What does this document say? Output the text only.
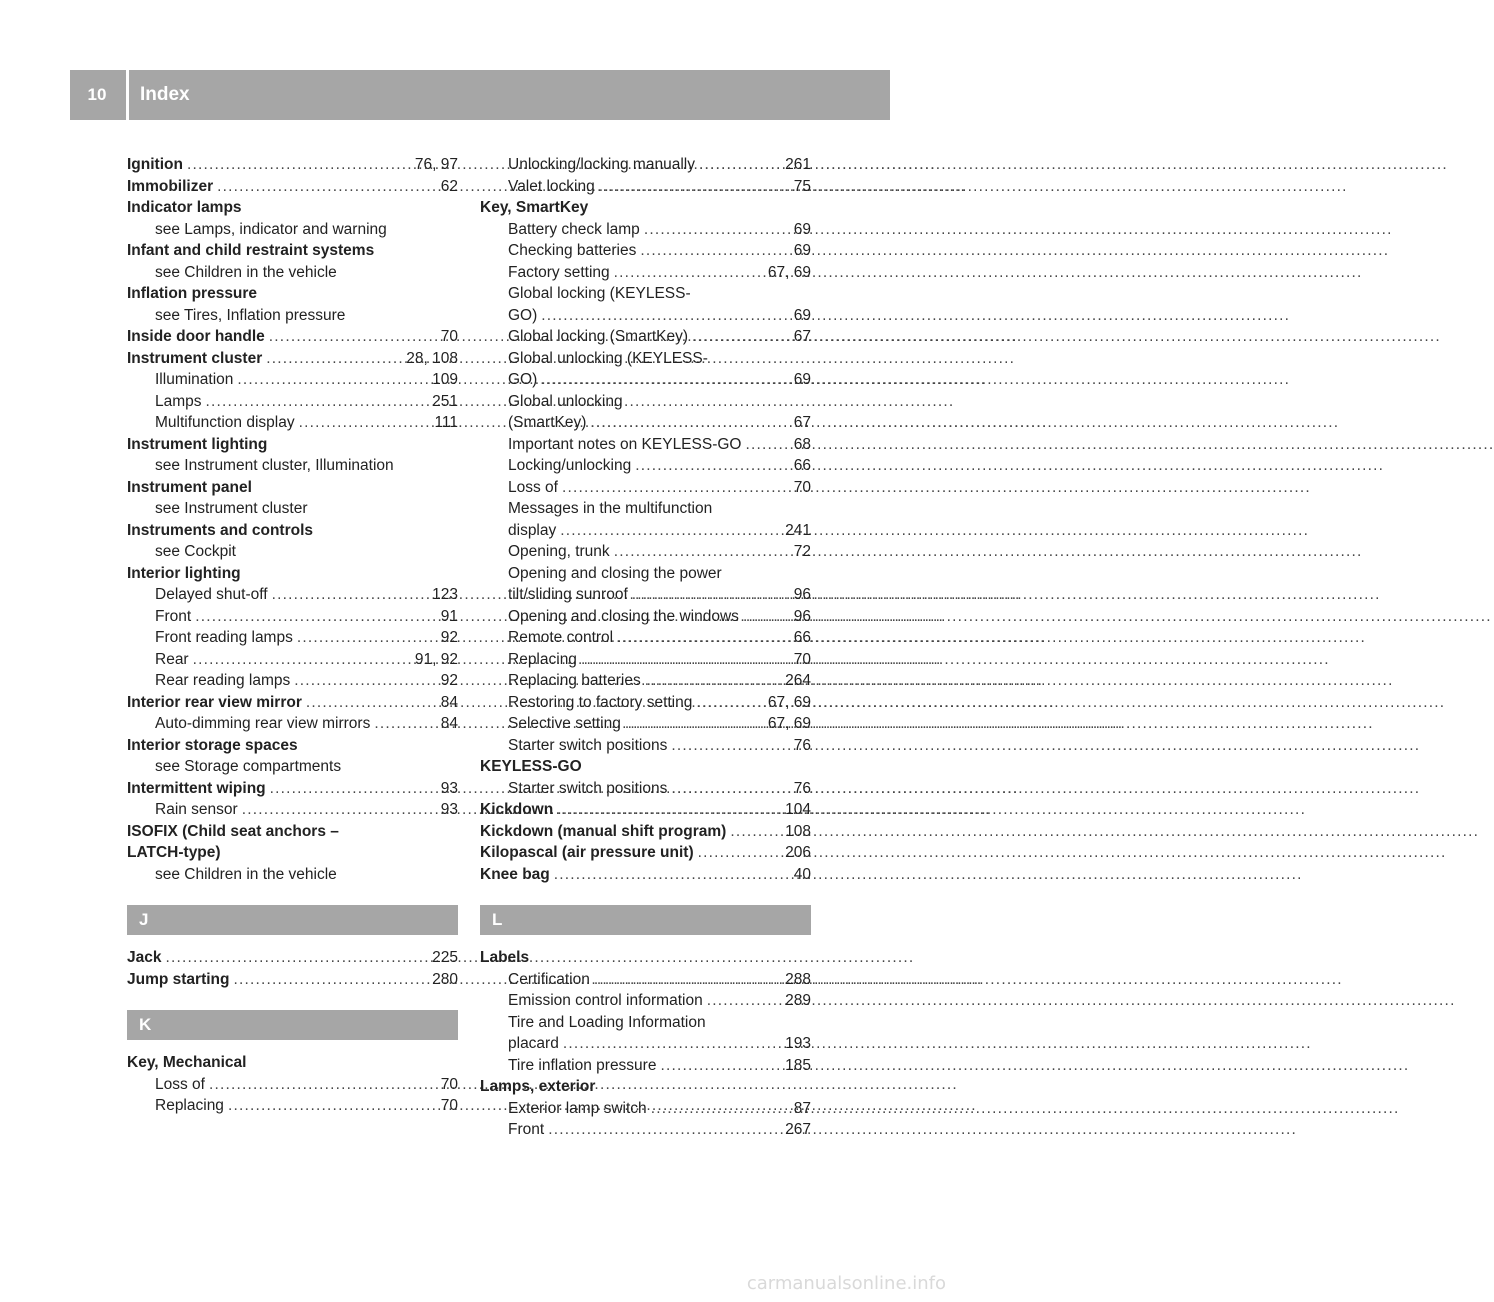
10	Index
Ignition .....	76, 97
Immobilizer .....	62
Indicator lamps
see Lamps, indicator and warning
Infant and child restraint systems
see Children in the vehicle
Inflation pressure
see Tires, Inflation pressure
Inside door handle .....	70
Instrument cluster .....	28, 108
Illumination .....	109
Lamps .....	251
Multifunction display .....	111
Instrument lighting
see Instrument cluster, Illumination
Instrument panel
see Instrument cluster
Instruments and controls
see Cockpit
Interior lighting
Delayed shut-off .....	123
Front .....	91
Front reading lamps .....	92
Rear .....	91, 92
Rear reading lamps .....	92
Interior rear view mirror .....	84
Auto-dimming rear view mirrors .....	84
Interior storage spaces
see Storage compartments
Intermittent wiping .....	93
Rain sensor .....	93
ISOFIX (Child seat anchors –
LATCH-type)
see Children in the vehicle
J
Jack .....	225
Jump starting .....	280
K
Key, Mechanical
Loss of .....	70
Replacing .....	70
Unlocking/locking manually .....	261
Valet locking .....	75
Key, SmartKey
Battery check lamp .....	69
Checking batteries .....	69
Factory setting .....	67, 69
Global locking (KEYLESS-
GO) .....	69
Global locking (SmartKey) .....	67
Global unlocking (KEYLESS-
GO) .....	69
Global unlocking
(SmartKey) .....	67
Important notes on KEYLESS-GO .....	68
Locking/unlocking .....	66
Loss of .....	70
Messages in the multifunction
display .....	241
Opening, trunk .....	72
Opening and closing the power
tilt/sliding sunroof .....	96
Opening and closing the windows .....	96
Remote control .....	66
Replacing .....	70
Replacing batteries .....	264
Restoring to factory setting .....	67, 69
Selective setting .....	67, 69
Starter switch positions .....	76
KEYLESS-GO
Starter switch positions .....	76
Kickdown .....	104
Kickdown (manual shift program) .....	108
Kilopascal (air pressure unit) .....	206
Knee bag .....	40
L
Labels
Certification .....	288
Emission control information .....	289
Tire and Loading Information
placard .....	193
Tire inflation pressure .....	185
Lamps, exterior
Exterior lamp switch .....	87
Front .....	267
carmanualsonline.info
